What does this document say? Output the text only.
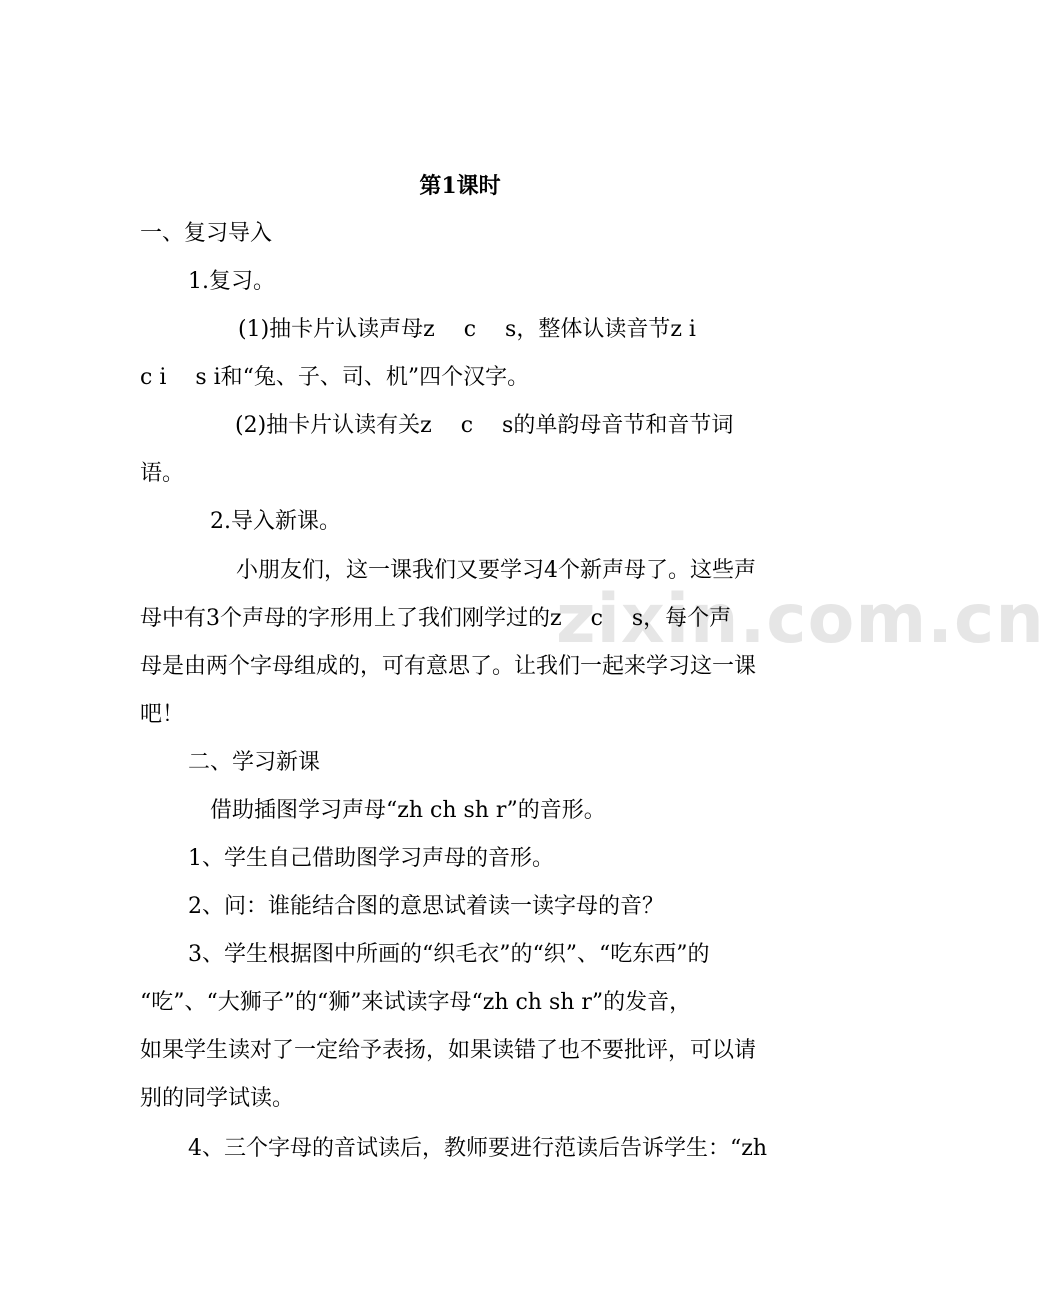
zixin.com.cn
第1课时
一、复习导入
1.复习。
(1)抽卡片认读声母z　 c　 s，整体认读音节z i
c i　 s i和“兔、子、司、机”四个汉字。
(2)抽卡片认读有关z　 c　 s的单韵母音节和音节词
语。
2.导入新课。
小朋友们，这一课我们又要学习4个新声母了。这些声
母中有3个声母的字形用上了我们刚学过的z　 c　 s，每个声
母是由两个字母组成的，可有意思了。让我们一起来学习这一课
吧！
二、学习新课
借助插图学习声母“zh ch sh r”的音形。
1、学生自己借助图学习声母的音形。
2、问：谁能结合图的意思试着读一读字母的音？
3、学生根据图中所画的“织毛衣”的“织”、“吃东西”的
“吃”、“大狮子”的“狮”来试读字母“zh ch sh r”的发音，
如果学生读对了一定给予表扬，如果读错了也不要批评，可以请
别的同学试读。
4、三个字母的音试读后，教师要进行范读后告诉学生：“zh
